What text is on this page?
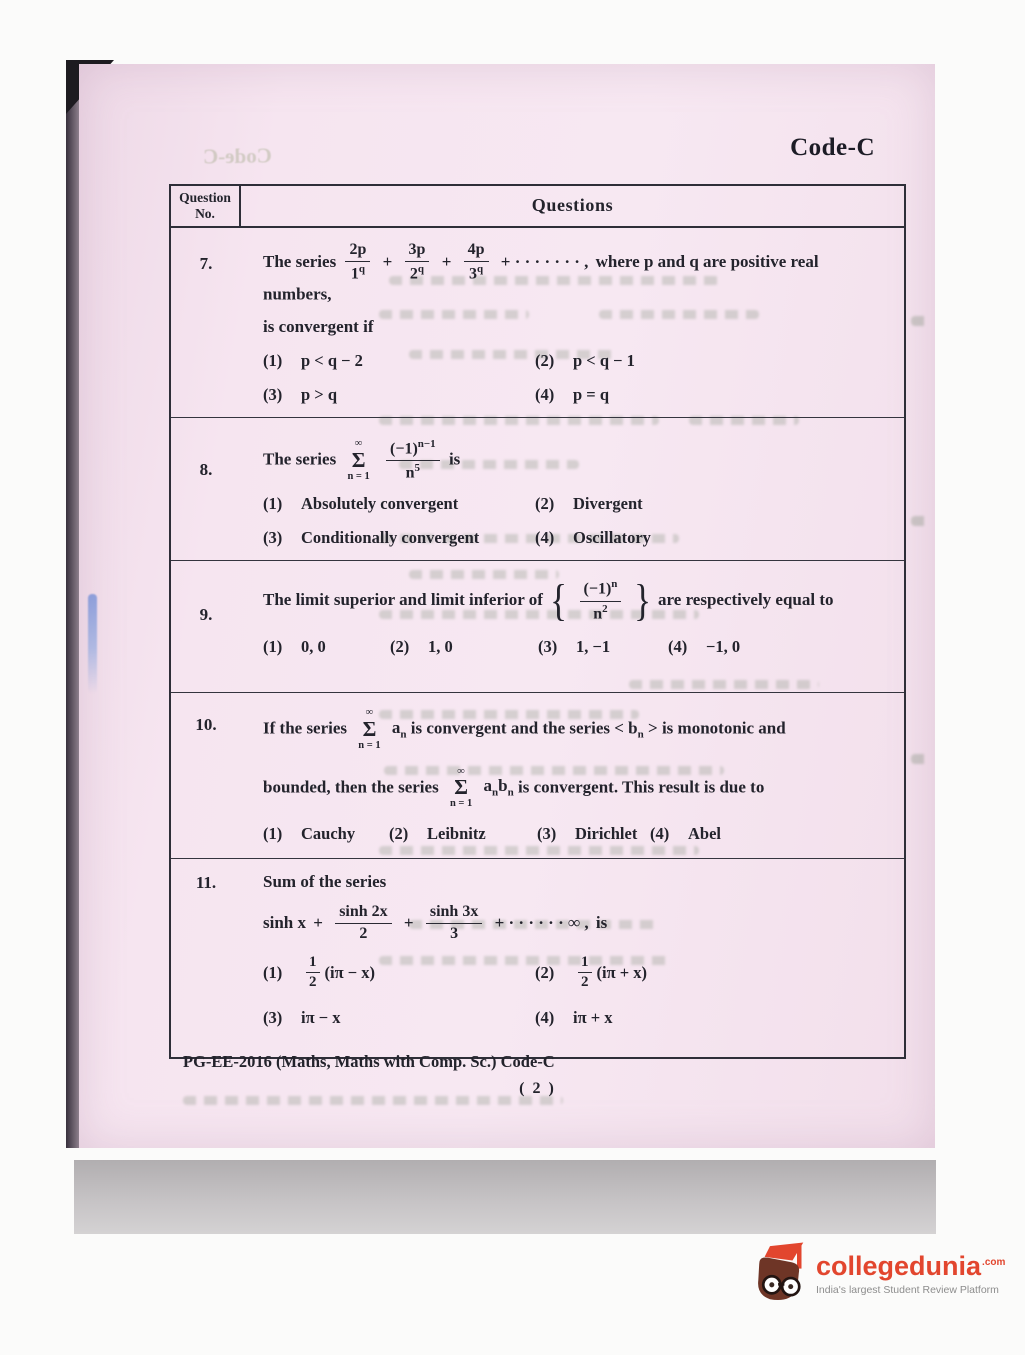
Code-C	Code-C
Question
No.	Questions
7.	The series $\frac{2p}{1^q} + \frac{3p}{2^q} + \frac{4p}{3^q}$ + · · · · · · · , where p and q are positive real numbers,
is convergent if
(1)	p < q − 2	(2)	p < q − 1
(3)	p > q	(4)	p = q
8.
The series
∞
Σ
n = 1
$\frac{(-1)^{n-1}}{n^5}$ is
(1)	Absolutely convergent	(2)	Divergent
(3)	Conditionally convergent	(4)	Oscillatory
9.
The limit superior and limit inferior of { $\frac{(-1)^n}{n^2}$ } are respectively equal to
(1)	0, 0	(2)	1, 0	(3)	1, −1	(4)	−1, 0
10.	If the series
∞
Σ
n = 1
$a_n$ is convergent and the series < $b_n$ > is monotonic and
bounded, then the series
∞
Σ
n = 1
$a_nb_n$ is convergent. This result is due to
(1)	Cauchy (2)	Leibnitz	(3)	Dirichlet (4)	Abel
11.	Sum of the series
$\sinh x + \frac{\sinh 2x}{2} + \frac{\sinh 3x}{3}$ + · · · · · · ∞ , is
(1)	$\frac{1}{2} (i\pi - x)$	(2)	$\frac{1}{2} (i\pi + x)$
(3)	iπ − x	(4)	iπ + x
PG-EE-2016 (Maths, Maths with Comp. Sc.) Code-C
( 2 )
collegedunia$^{.com}$
India's largest Student Review Platform
